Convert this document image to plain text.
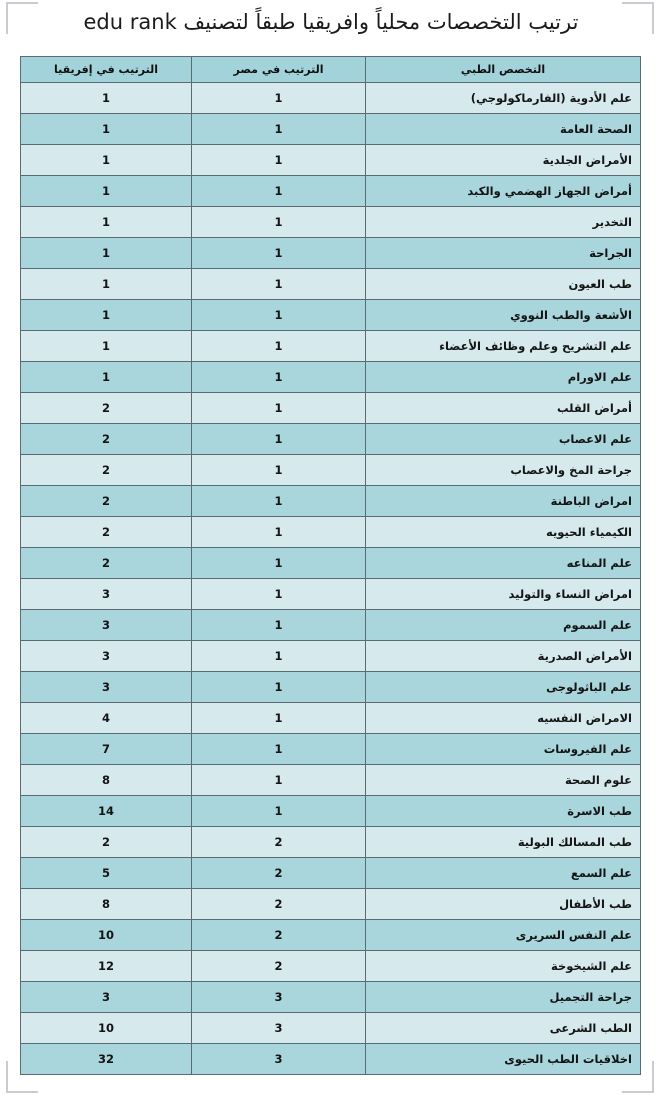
ترتيب التخصصات محلياً وافريقيا طبقاً لتصنيف edu rank
التخصص الطبي	الترتيب في مصر	الترتيب في إفريقيا
علم الأدوية (الفارماكولوجي)	1	1
الصحة العامة	1	1
الأمراض الجلدية	1	1
أمراض الجهاز الهضمي والكبد	1	1
التخدير	1	1
الجراحة	1	1
طب العيون	1	1
الأشعة والطب النووي	1	1
علم التشريح وعلم وظائف الأعضاء	1	1
علم الاورام	1	1
أمراض القلب	1	2
علم الاعصاب	1	2
جراحة المخ والاعصاب	1	2
امراض الباطنة	1	2
الكيمياء الحيويه	1	2
علم المناعه	1	2
امراض النساء والتوليد	1	3
علم السموم	1	3
الأمراض الصدرية	1	3
علم الباثولوجى	1	3
الامراض النفسيه	1	4
علم الفيروسات	1	7
علوم الصحة	1	8
طب الاسرة	1	14
طب المسالك البولية	2	2
علم السمع	2	5
طب الأطفال	2	8
علم النفس السريرى	2	10
علم الشيخوخة	2	12
جراحة التجميل	3	3
الطب الشرعى	3	10
اخلاقيات الطب الحيوى	3	32
